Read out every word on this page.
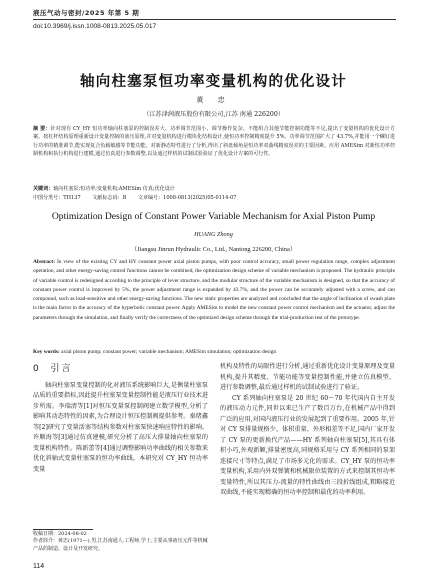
液压气动与密封/2025 年第 5 期
doi:10.3969/j.issn.1008-0813.2025.05.017
轴向柱塞泵恒功率变量机构的优化设计
黄 忠
（江苏津润液压股份有限公司,江苏 南通 226200）
摘 要：针对现有 CY_HY 恒功率轴向柱塞泵的控制误差大、功率调节范围小、调节操作复杂、不能组合其他节能控制功能等不足,提出了变量机构的优化设计方案。按杠杆结构原理重新设计变量控制的液压原理,并对变量机构进行模块化结构设计,使恒功率控制精度提升 5%、功率调节范围扩大了 43.7%,并能用一个螺钉进行功率的精准调节,能实现复合负载敏感等节能功能。对新静态特性进行了分析,得出了斜盘倾角是恒功率双曲线精度误差的主要因素。应用 AMESim 对新恒功率控制机构和执行机构进行建模,通过仿真进行参数调整,以及通过样机的试制试验验证了优化设计方案的可行性。
关键词：轴向柱塞泵;恒功率;变量机构;AMESim 仿真;优化设计
中图分类号：TH137 文献标志码：B 文章编号：1008-0813(2025)05-0114-07
Optimization Design of Constant Power Variable Mechanism for Axial Piston Pump
HUANG Zhong
（Jiangsu Jinrun Hydraulic Co., Ltd., Nantong 226200, China）
Abstract: In view of the existing CY and HY constant power axial piston pumps, with poor control accuracy, small power regulation range, complex adjustment operation, and other energy-saving control functions cannot be combined, the optimization design scheme of variable mechanism is proposed. The hydraulic principle of variable control is redesigned according to the principle of lever structure, and the modular structure of the variable mechanism is designed, so that the accuracy of constant power control is improved by 5%, the power adjustment range is expanded by 43.7%, and the power can be accurately adjusted with a screw, and can compound, such as load-sensitive and other energy-saving functions. The new static properties are analyzed and concluded that the angle of inclination of swash plate is the main factor in the accuracy of the hyperbolic constant power. Apply AMESim to model the new constant power control mechanism and the actuator, adjust the parameters through the simulation, and finally verify the correctness of the optimized design scheme through the trial-production test of the prototype.
Key words: axial piston pump; constant power; variable mechanism; AMESim simulation; optimization design
0 引言

轴向柱塞泵变量控制的化对液压系统影响巨大,是衡量柱塞泵品质的重要指标,因此提升柱塞泵变量控制性能是液压行业技术进步所需。李瑞清等[1]对恒压变量泵控制阀建立数学模型,分析了影响其动态特性的因素,为合理设计恒压控制阀提供参考。秦绪鑫等[2]研究了变量活塞等结构参数对柱塞泵快速响应特性的影响。许顺海等[3]通过仿真建模,研究分析了高压大排量轴向柱塞泵的变量机构特性。陈新蕾等[4]通过调整影响功率曲线的相关参数来优化斜轴式变量柱塞泵的恒功率曲线。本研究对 CY_HY 恒功率变量

机构及特性的局限性进行分析,通过重新优化设计变量原理及变量机构,提升其精度、节能功能等变量控制性能,并建立仿真模型、进行参数调整,最后通过样机的试制试验进行了验证。

CY 系列轴向柱塞泵是 20 世纪 60～70 年代国内自主开发的液压动力元件,同世以来已生产了数百万台,在机械产品中得到广泛的应用,对国内液压行业的发展起到了重要作用。2005 年,针对 CY 泵排量规格少、体积重量、外形相差等不足,国内厂家开发了 CY 泵的更新换代产品——HY 系列轴向柱塞泵[5],其具有体积小巧,外观新颖,排量密度高,同规格采用与 CY 系列相同的泵架连接尺寸等特点,满足了市场多元化的需求。CY_HY 泵的恒功率变量机构,采用内外双弹簧和机械限位装置的方式来控制其恒功率变量特性,所以其压力-流量的特性曲线由三段折线组成,粗略接近双曲线,不能实现精确的恒功率控制和最优的功率利用。

收稿日期：2024-08-02
作者简介：黄忠(1971—),男,江苏南通人,工程师,学士,主要从事液压元件等机械产品的制造、设计及开发研究。
114
